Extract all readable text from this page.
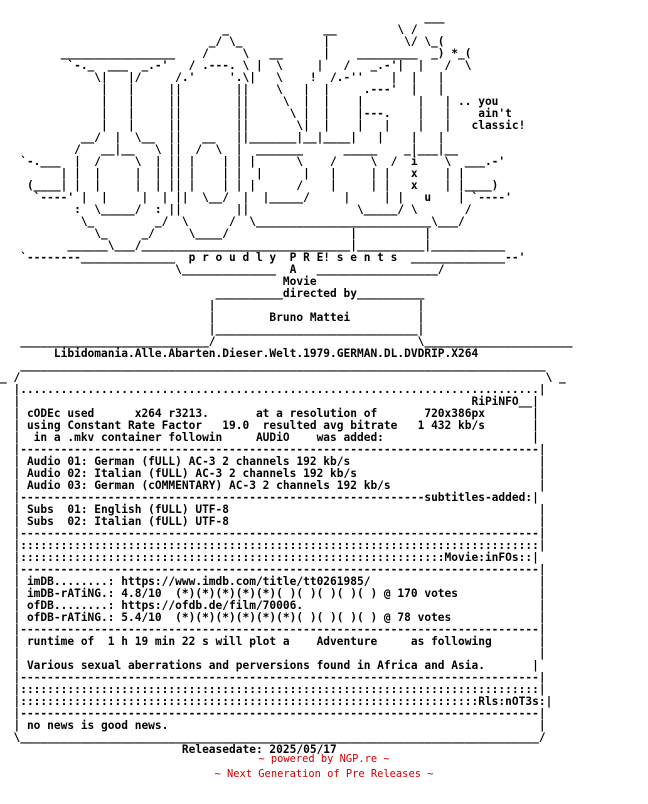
___
_              __         \ /
_/ \_            |           \/ \_(
_________________    /     \   __      |    _________  _) *_(
`-._  ___  _.-'   / .---. \ |  \     |   /   _.-'|  |   /  \
\|   |/     /.'     '.\|   \    !  /.-''    |  |   |
|   |     ||        ||    \   |  |     .---'  |   |
|   |     ||        ||     \  |  |    |        |   | .. you
|   |     ||        ||      \ |  |    |---.    |   |    ain't
|   |     ||        ||       \|  |    |   |    |   |   classic!
__/  |  \__  ||   __   ||_______|__|____|   |    |   |
/   __|__   \ ||  /  \  |  _______      _____    _|___|__
`-.___  |  /     \  | || |    | | |      \    /     \  /  i    \  ___.-'
| |  |     |  | || |    | |  |      |   |     | |   x    | |
(____| |  |     |  | || |    | | |      /    |     | |   x    | |____)
`----' |  |     |  | ||  \__/  |  |_____/     |     | |   u    | `----'
:  \_____/  : ||        ||                \_____/ \       /
\_         _/  \      /  \__________________________\___/
\_     _/     \____/                  |          |
______\___/_______________________________|__________|___________
`--------______________  p r o u d l y  P R E! s e n t s  ______________--'
\______________  A   __________________/
Movie
__________directed by__________
|                              |
|        Bruno Mattei          |
|______________________________|
____________________________/                              \______________________
Libidomania.Alle.Abarten.Dieser.Welt.1979.GERMAN.DL.DVDRIP.X264
______________________________________________________________________________
_ /                                                                              \ _
|.............................................................................|
|                                                                   RiPiNFO__|
| cODEc used      x264 r3213.       at a resolution of       720x386px       |
| using Constant Rate Factor   19.0  resulted avg bitrate   1 432 kb/s       |
|  in a .mkv container followin     AUDiO    was added:                      |
|-----------------------------------------------------------------------------|
| Audio 01: German (fULL) AC-3 2 channels 192 kb/s                            |
| Audio 02: Italian (fULL) AC-3 2 channels 192 kb/s                           |
| Audio 03: German (cOMMENTARY) AC-3 2 channels 192 kb/s                      |
|------------------------------------------------------------subtitles-added:|
| Subs  01: English (fULL) UTF-8                                              |
| Subs  02: Italian (fULL) UTF-8                                              |
|-----------------------------------------------------------------------------|
|:::::::::::::::::::::::::::::::::::::::::::::::::::::::::::::::::::::::::::::|
|:::::::::::::::::::::::::::::::::::::::::::::::::::::::::::::::Movie:inFOs::|
|-----------------------------------------------------------------------------|
| imDB........: https://www.imdb.com/title/tt0261985/                         |
| imDB-rATiNG.: 4.8/10  (*)(*)(*)(*)(*)( )( )( )( )( ) @ 170 votes            |
| ofDB........: https://ofdb.de/film/70006.                                   |
| ofDB-rATiNG.: 5.4/10  (*)(*)(*)(*)(*)(*)( )( )( )( ) @ 78 votes             |
|-----------------------------------------------------------------------------|
| runtime of  1 h 19 min 22 s will plot a    Adventure     as following       |
|                                                                             |
| Various sexual aberrations and perversions found in Africa and Asia.       |
|-----------------------------------------------------------------------------|
|:::::::::::::::::::::::::::::::::::::::::::::::::::::::::::::::::::::::::::::|
|::::::::::::::::::::::::::::::::::::::::::::::::::::::::::::::::::::Rls:nOT3s:|
|-----------------------------------------------------------------------------|
| no news is good news.                                                       |
\_____________________________________________________________________________/
Releasedate: 2025/05/17
~ powered by NGP.re ~
~ Next Generation of Pre Releases ~
